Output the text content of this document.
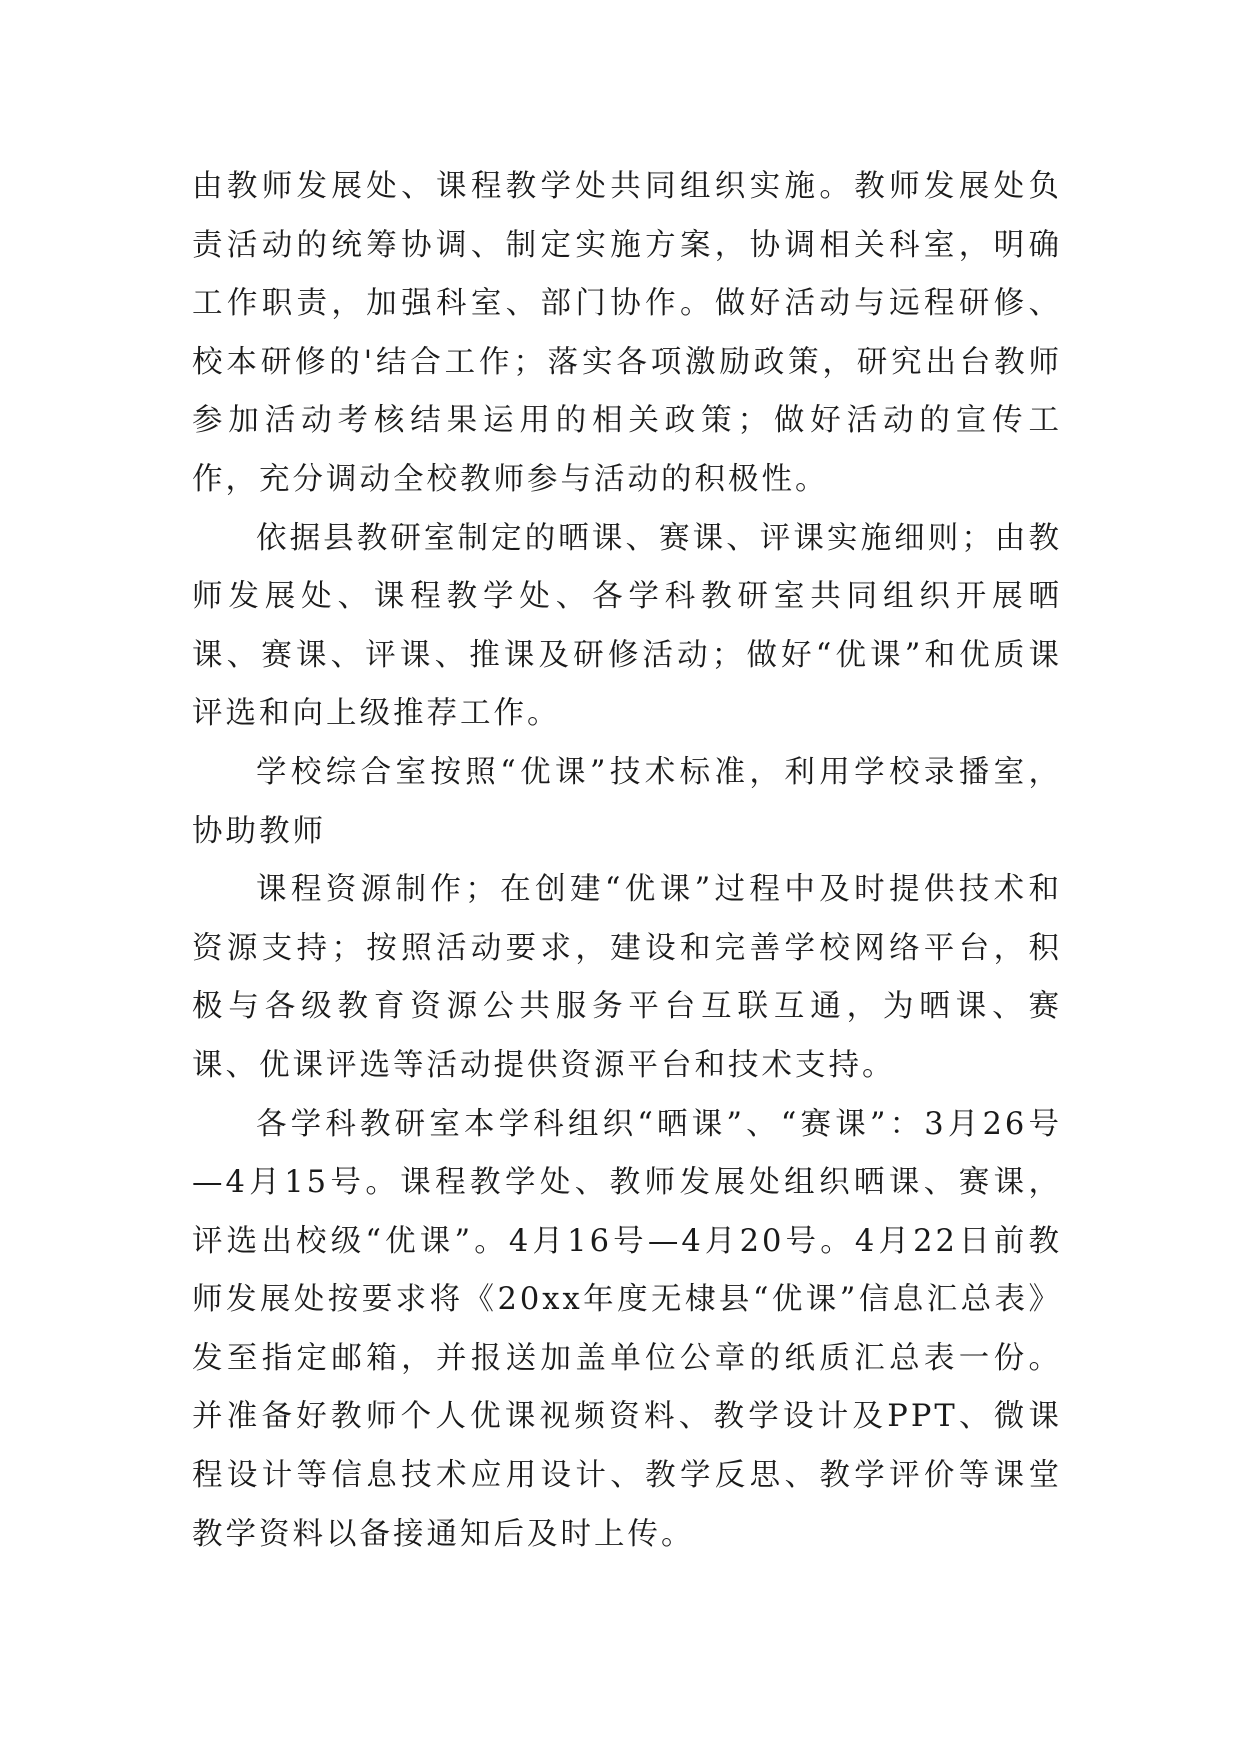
由教师发展处、课程教学处共同组织实施。教师发展处负责活动的统筹协调、制定实施方案，协调相关科室，明确工作职责，加强科室、部门协作。做好活动与远程研修、校本研修的'结合工作；落实各项激励政策，研究出台教师参加活动考核结果运用的相关政策；做好活动的宣传工作，充分调动全校教师参与活动的积极性。

依据县教研室制定的晒课、赛课、评课实施细则；由教师发展处、课程教学处、各学科教研室共同组织开展晒课、赛课、评课、推课及研修活动；做好“优课”和优质课评选和向上级推荐工作。

学校综合室按照“优课”技术标准，利用学校录播室，协助教师

课程资源制作；在创建“优课”过程中及时提供技术和资源支持；按照活动要求，建设和完善学校网络平台，积极与各级教育资源公共服务平台互联互通，为晒课、赛课、优课评选等活动提供资源平台和技术支持。

各学科教研室本学科组织“晒课”、“赛课”：3月26号—4月15号。课程教学处、教师发展处组织晒课、赛课，评选出校级“优课”。4月16号—4月20号。4月22日前教师发展处按要求将《20xx年度无棣县“优课”信息汇总表》发至指定邮箱，并报送加盖单位公章的纸质汇总表一份。并准备好教师个人优课视频资料、教学设计及PPT、微课程设计等信息技术应用设计、教学反思、教学评价等课堂教学资料以备接通知后及时上传。
